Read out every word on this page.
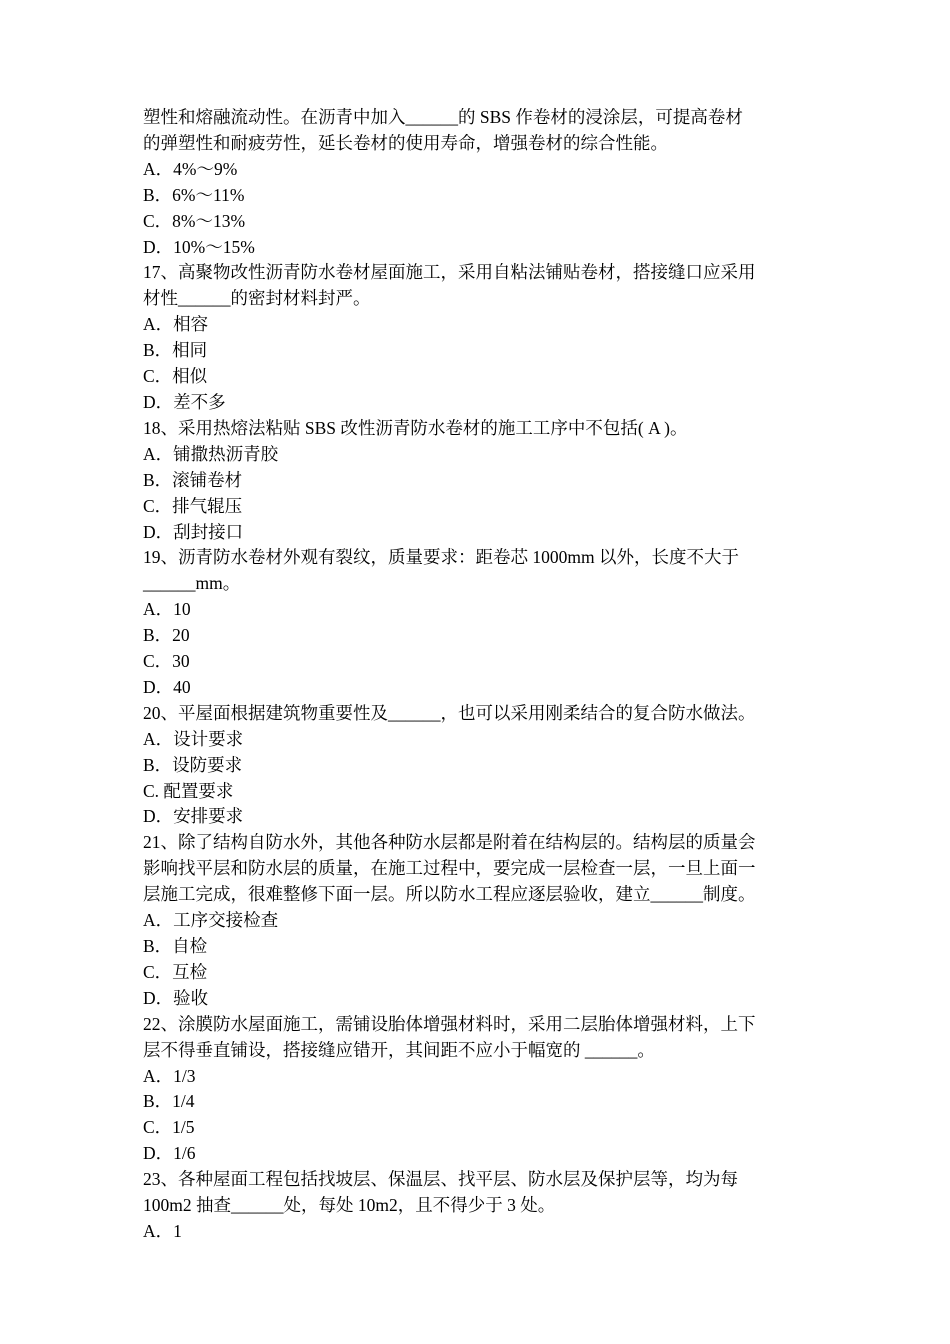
塑性和熔融流动性。在沥青中加入______的 SBS 作卷材的浸涂层，可提高卷材
的弹塑性和耐疲劳性，延长卷材的使用寿命，增强卷材的综合性能。
A．4%～9%
B．6%～11%
C．8%～13%
D．10%～15%
17、高聚物改性沥青防水卷材屋面施工，采用自粘法铺贴卷材，搭接缝口应采用
材性______的密封材料封严。
A．相容
B．相同
C．相似
D．差不多
18、采用热熔法粘贴 SBS 改性沥青防水卷材的施工工序中不包括( A )。
A．铺撒热沥青胶
B．滚铺卷材
C．排气辊压
D．刮封接口
19、沥青防水卷材外观有裂纹，质量要求：距卷芯 1000mm 以外，长度不大于
______mm。
A．10
B．20
C．30
D．40
20、平屋面根据建筑物重要性及______，也可以采用刚柔结合的复合防水做法。
A．设计要求
B．设防要求
C. 配置要求
D．安排要求
21、除了结构自防水外，其他各种防水层都是附着在结构层的。结构层的质量会
影响找平层和防水层的质量，在施工过程中，要完成一层检查一层，一旦上面一
层施工完成，很难整修下面一层。所以防水工程应逐层验收，建立______制度。
A．工序交接检查
B．自检
C．互检
D．验收
22、涂膜防水屋面施工，需铺设胎体增强材料时，采用二层胎体增强材料，上下
层不得垂直铺设，搭接缝应错开，其间距不应小于幅宽的 ______。
A．1/3
B．1/4
C．1/5
D．1/6
23、各种屋面工程包括找坡层、保温层、找平层、防水层及保护层等，均为每
100m2 抽查______处，每处 10m2，且不得少于 3 处。
A．1
